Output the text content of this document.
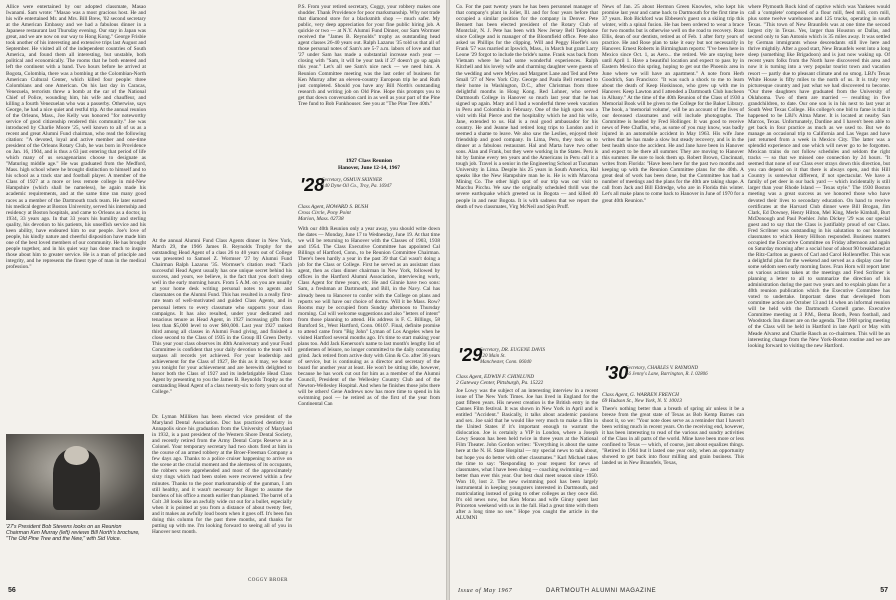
Allice were entertained by our adopted classmate, Masao Iwanami. Sam wrote: "Masao was a most gracious host. He and his wife entertained Mr. and Mrs. Bill Brew, '02 second secretary at the American Embassy and we had a fabulous dinner in a Japanese restaurant last Thursday evening. Our stay in Japan was great, and we are now on our way to Hong Kong." George Frisbie took another of his interesting and extensive trips last August and September. He visited all of the independent countries of South America, and found them all interesting, but unstable, both political and economically. The rooms that he both entered and left the continent with a band. Two hours before he arrived at Bogota, Colombia, there was a bombing at the Colombian-North American Cultural Center, which killed four people: three Colombians and one American. On his last day in Caracas, Venezuela, terrorists threw a bomb at the car of the National Chief of Police, wounding him, his wife and chauffeur, and killing a fourth Venezuelan who was a passerby. Otherwise, says George, he had a nice quiet and restful trip. At the annual reunion of the Orleans, Mass., Joe Kelly was honored "for noteworthy service of good citizenship rendered this community." Joe was introduced by Charlie Moore '25, well known to all of us as a recent and great Alumni Fund chairman, who read the following citation: "A devoted, loyal and active member and one-time president of the Orleans Rotary Club, he was born in Providence on Jan. 16, 1904, and is thus a 63 just entering that period of life which many of us sexagenarians choose to designate as "Maturing middle age." He was graduated from the Medford, Mass. high school where he brought distinction to himself and to his school as a track star and football player. A member of the Class of 1927 at a more or less remote college in mid-New Hampshire (which shall be nameless), he again made his academic requirements, and at the same time ran many good races as a member of the Dartmouth track team. He later earned his medical degree at Boston University, served his internship and residency at Boston hospitals, and came to Orleans as a doctor, in 1934, 33 years ago. In that 33 years his humility and sterling quality, his devotion to his patients, his unselfish service and his keen ability, have endeared him to our people. Joe's love of people, his kindly nature and cheerful disposition have made him one of the best loved members of our community. He has brought people together, and in his quiet way has done much to inspire those about him to greater service. He is a man of principle and integrity, and he represents the finest type of man in the medical profession."

'27's President Bob Stevens looks on as Reunion Chairman Ken Murray (left) reviews Bill North's brochure, "The Old Pine Tree and the New," with Sid Voice.

At the annual Alumni Fund Class Agents dinner in New York, March 29, the 1966 James B. Reynolds Trophy for the outstanding Head Agent of a class 26 to 40 years out of College was presented to Samuel Z. Wormser '27 by Alumni Fund Chairman Ralph Lazarus '35. Wormser's citation read: "Each successful Head Agent usually has one unique secret behind his success, and yours, we believe, is the fact that you don't sleep well in the early morning hours. From 5 A.M. on you are usually at your home desk writing personal notes to agents and classmates on the Alumni Fund. This has resulted in a really first-rate team of well-motivated and guided Class Agents, and in personal letters to every classmate who supports your class campaigns. It has also resulted, under your dedicated and tenacious tenure as Head Agent, in 1927 increasing gifts from less than $5,000 level to over $60,000. Last year 1927 ranked third among all classes in Alumni Fund giving, and finished a close second to the Class of 1935 in the Group III Green Derby. This year your class observes its 40th Anniversary and your Fund Committee is confident that your daily devotion to the team will surpass all records yet achieved. For your leadership and achievement for the Class of 1927, Be this as it may, we honor you tonight for your achievement and are herewith delighted to honor both the Class of 1927 and its indefatigable Head Class Agent by presenting to you the James B. Reynolds Trophy as the outstanding Head Agent of a class twenty-six to forty years out of College."

Dr. Lyman Milliken has been elected vice president of the Maryland Dental Association. Doc has practiced dentistry in Annapolis since his graduation from the University of Maryland in 1932, is a past president of the Western Shore Dental Society, and recently retired from the Army Dental Corps Reserve as a Colonel. Your temporary secretary had two shots fired at him in the course of an armed robbery at the Broer-Freeman Company a few days ago. Thanks to a police cruiser happening to arrive on the scene at the crucial moment and the alertness of its occupants, the robbers were apprehended and most of the approximately sixty rings which had been stolen were recovered within a few minutes. Thanks to the poor marksmanship of the gunman, I am still healthy, and it wasn't necessary for Roger to assume the burdens of his office a month earlier than planned. The barrel of a Colt .38 looks like an awfully wide cut out for a bullet, especially when it is pointed at you from a distance of about twenty feet, and it makes an awfully loud boom when it goes off. It's been fun doing this column for the past three months, and thanks for putting up with me. I'm looking forward to seeing all of you in Hanover next month.

COGGY BROER

P.S. From your retired secretary, Coggy, your robbery makes one shudder. Thank Providence for poor marksmanship. Why not trade that diamond store for a blacksmith shop — much safer. My public, very deep appreciation for your fine public hiring job. A quickie or two — at N.Y. Alumni Fund Dinner, our Sam Wormser received the "James B. Reynolds" trophy as outstanding head agent classes 26-40 years out. Ralph Lazarus '35 told us that all of those personal notes of Sam's are 5-7 a.m. labors of love and that '27 under Sam has made a substantial increase each year — closing with "Sam, it will be your task if 27 doesn't go up again this year." Let's all see Sam's nice neck — we need him. A Reunion Committee meeting was the last order of business for Ken Murray after an eleven-country European trip he and Ruth just completed. Should you have any Bill North's outstanding research and writing job on Old Pine. Hope this prompts you to get that down conversation card in as well as your part of the Pine Tree fund to Bob Funkhouser. See you at "The Pine Tree 40th."

1927 Class Reunion
Hanover, June 12-14, 1967
'28
Secretary, OSMUN SKINNER
140 Dyne Oil Co., Troy, Pa. 16947
Class Agent, HOWARD S. BUSH
Cross Circle, Pony Point
Marion, Mass. 02738

With our 40th Reunion only a year away, you should write down the dates — Monday, June 17 to Wednesday, June 19. At that time we will be returning to Hanover with the Classes of 1903, 1938 and 1954. The Class Executive Committee has appointed Cal Billings of Hartford, Conn., to be Reunion Committee Chairman. There's been hardly a year in the past 39 that Cal wasn't doing a job for the Class or College. First he served as an assistant class agent, then as class dinner chairman in New York, followed by offices in the Hartford Alumni Association, interviewing work, Class Agent for three years, etc. He and Ginnie have two sons: Sam, a freshman at Dartmouth, and Bill, in the Navy. Cal has already been to Hanover to confer with the College on plans and reports we will have our choice of dorms. Will it be Mass. Row? Rooms may be occupied from Sunday afternoon to Thursday morning. Cal will welcome suggestions and also "letters of intent" from those planning to attend. His address is F. C. Billings, 58 Rumford St., West Hartford, Conn. 06107. Final, definite promise to attend came from "Big John" Lyman of Los Angeles when he visited Hartford several months ago. It's time to start making your plans too. Add Jack Kenerson's name to last month's lengthy list of gentlemen of leisure, no longer committed to the daily commuting grind. Jack retired from active duty with Ginn & Co. after 36 years of service, but is continuing as a director and secretary of the board for another year at least. He won't be sitting idle, however, because he has work cut out for him as a member of the Alumni Council, President of the Wellesley Country Club and of the Newton-Wellesley Hospital. And when he finishes those jobs there will be others! Gene Andrews now has more time to spend in his swimming pool — he retired as of the first of the year from Continental Can

56

Co. For the past twenty years he has been personnel manager of that company's plant in Joliet, Ill. and for four years before that occupied a similar position for the company in Denver. Pete Bennett has been elected president of the Rotary Club of Montclair, N. J. Pete has been with New Jersey Bell Telephone since College and is manager of the Bloomfield office. Pete also asked us Phillips for the clipping. Will and Peggy Hoefle's son Frank '57 was married at Ipswich, Mass., in March but grant Larry Leone '29 forgot to include the bride's name. Frank was back from Vietnam where he had some wonderful experiences. Ralph Kitchell and his lovely wife and charming daughter were guests of the wedding and were Myles and Margaret Lane and Ted and Pete Small '27 of New York City. George and Paula Bell returned to their home in Washington, D.C., after Christmas from three delightful months in Hong Kong. Red Lohner, who served Dartmouth College in Hanover so much last year that he has signed up again. Mary and I had a wonderful three week vacation in Peru and Colombia in February. One of the high spots was a visit with Hal Pierce and the hospitality which he and his wife, Jane, extended to us. Hal is a real good ambassador for his country. He and Jeanne had retired long trips to London and it seemed a shame to leave. We also saw the Leslies, enjoyed their friendship and good company. In Lima, Peru, they took us to dinner at a fabulous restaurant. Hal and Marta have two other sons. Alan and Frank, but they were working in the States. Peru is hit by famine every ten years and the Americans in Peru call it a tough job. Travel is a senior in the Engineering School at Tucuman University in Lima. Despite his 25 years in South America, Hal speaks like the New Hampshire man he is. He is with Marcona Mining Co. The other high spot of our trip was our visit to Macchu Picchu. We saw the originally scheduled thrill was the severe earthquake which greeted us in Bogota — and killed 40 people in and near Bogota. It is with sadness that we report the death of two classmates, Virg McNeil and Spin Pruff.

'29
Secretary, DR. EUGENE DAVIS
120 Main St.
Manchester, Conn. 06040
Class Agent, EDWIN F. CHINLUND
2 Gateway Center, Pittsburgh, Pa. 15222

Joe Lowy was the subject of an interesting interview in a recent issue of The New York Times. Joe has lived in England for the past fifteen years. His newest creation is the British entry in the Cannes Film festival. It was shown in New York in April and is entitled "Accident." Basically, it talks about academic passions and sex. Joe said that he would like very much to make a film in the United States if it's important enough to warrant the dislocation. Joe is certainly a VIP in London, where a Joseph Lowy Season has been held twice in three years at the National Film Theater. John Gordon writes: "Everything is about the same here at the N. H. State Hospital — my special news to talk about, but hope you do better with other classmates." Karl Michael takes the time to say: "Responding to your request for news of classmates, what I have been doing — coaching swimming — and better than ever this year. Our best dual meet season since 1950. Won 10, lost 2. The new swimming pool has been largely instrumental in keeping youngsters interested in Dartmouth, and matriculating instead of going to other colleges as they once did. It's old news now, but Ken Morau and wife Ginny spent last Princeton weekend with us in the fall. Had a great time with them after a long time no see." Hope you caught the article in the ALUMNI

News of Jan. 25 about Hermon Green Knowles, who kept his promise last year and came back to Dartmouth for the first time in 37 years. Bob Bickford was Ebbesen's guest on a skiing trip this winter, with a spinal fusion. He has been ordered to wear a brace for two months but is otherwise well on the road to recovery. Russ Ellis, dean of our dentists, retired as of Feb. 1 after forty years of practice. He and Rose plan to take it easy but not necessarily in Hanover. Ernest Roberts in Birmingham reports: "I've been here in Mexico since Oct. 1, as Aero... the retired. We are staying here until April 1. Have a beautiful location and expect to pass by in Eastern Mexico this spring, hoping to get out the Phoenix area in June where we will have an apartment." A note from Herb Goodrich, San Francisco: "It was such a shock to me to learn about the death of Keep Hoskinson, who grew up with me in Hanover. Keep Lawton and I attended a Dartmouth Club luncheon in Albany." At the time of the 40th Reunion of the Class of 1930 a Memorial Book will be given to the College for the Baker Library. The book, a 'memorial volume', will be an account of the lives of our deceased classmates and will include photographs. The Committee is headed by Fred Hollinger. It was good to receive news of Pete Chaflin, who, as some of you may know, was badly injured in an automobile accident in May 1963. His wife Jane writes that he has made a slow but steady recovery, and is in the best health since the accident. He and Jane have been in Hanover and expect to be there all summer. They are moving to Hanover this summer. Be sure to look them up. Robert Brown, Cincinnati, writes from Florida: "Have been here for the past two months and keeping up with the Reunion Committee plans for the 40th. A great deal of work has been done, but the Committee has had a number of meetings and the plans for the 40th are taking shape. A call from Jack and Bill Eldredge, who are in Florida this winter. Let's all make plans to come back to Hanover in June of 1970 for a great 40th Reunion."

'30
Secretary, CHARLES V. RAYMOND
56 Jenny's Lane, Barrington, R. I. 02806
Class Agent, G. WARREN FRENCH
69 Hudson St., New York, N. Y. 10013

There's nothing better than a breath of spring air unless it be a breeze from the great state of Texas as Bob Kemp Barnes can shoot it, so we: "Your note does serve as a reminder that I haven't been writing much in recent years. On the receiving end, however, it has been interesting to read of the various and sundry activities of the Class in all parts of the world. Mine have been more or less confined to Texas — which, of course, just about equalizes things. "Retired in 1964 but it lasted one year only, when an opportunity showed to get back into flour milling and grain business. This landed us in New Braunfels, Texas,

where Plymouth Rock kind of captive which was Yankees would call a 'complete' composed of a flour mill, feed mill, corn mill, plus some twelve warehouses and 125 trucks, operating in south Texas. "This town of New Braunfels was at one time the second largest city in Texas. Yes, larger than Houston or Dallas, and second only to San Antonio which is 35 miles away. It was settled by German immigrants whose descendants still live here and thrive mightily. After a good start, New Braunfels went into a long sleep (something like Brigadoon) and is just now waking up. Of recent years folks from the North have discovered this area and now it is turning into a very popular tourist town and vacation resort — partly due to pleasant climate and no smog. LBJ's Texas White House is fifty miles to the north of us. It is truly very picturesque country and just what we had discovered to become. "Our three daughters have graduated from the University of Oklahoma. Two of them are married — resulting in five grandchildren, to date. Our one son is in his next to last year at South West Texas College. His college's one bid to fame is that it happened to be LBJ's Alma Mater. It is located at nearby San Marcos, Texas. Unfortunately, Dardine and I haven't been able to get back in four practice as much as we used to. But we do manage an occasional trip to California and Las Vegas and have just returned from a week in Mexico City. The latter was a splendid experience and one which will never go to be forgotten. Mexican trains do not follow schedules and seldom the right tracks — so that we missed one connection by 24 hours. "It seemed that none of our Class ever strays down this direction, but you can depend on it that there is always open, and this Hill Country is somewhat different, if not spectacular. We have a family of pet deer in our back yard — which incidentally is still larger than your Rhode Island — Texas style." The 1930 Boston meeting was a great success as we honored those who have devoted their lives to secondary education. On hand to receive certificates at the Harvard Club dinner were Bill Brogan, Jim Clark, Ed Downey, Henry Hilton, Mel King, Merle Kimball, Burt McDonough and Paul Poehler. John Dickey '29 was our special guest and to say that the Class is justifiably proud of our Class. Fred Scribner was outstanding in his salutation to our honored classmates to which Henry Hillson responded. Business matters occupied the Executive Committee on Friday afternoon and again on Saturday morning after a social hour of about 90 breakfasted at the Ritz-Carlton as guests of Carl and Carol Hollenreffer. This was a delightful plan for the weekend and served as a display case for some seldom seen early morning faces. Fran Horn will report later on various actions taken at the meetings and Fred Scribner is planning a letter to all to summarize the direction of his administration during the past two years and to explain plans for a 40th reunion publication which the Executive Committee has voted to undertake. Important dates that developed from committee action are October 13 and 14 when an informal reunion will be held with the Dartmouth Cornell game. Executive Committee meeting at 3 P.M., Bema Booth, Penn football, and Woodstock Inn dinner are on the agenda. The 1968 spring meeting of the Class will be held in Hartford in late April or May with Meade Alvarez and Charlie Rauch as co-chairmen. This will be an interesting change from the New York-Boston routine and we are looking forward to visiting the new Hartford.

DARTMOUTH ALUMNI MAGAZINE
Issue of May 1967	57
